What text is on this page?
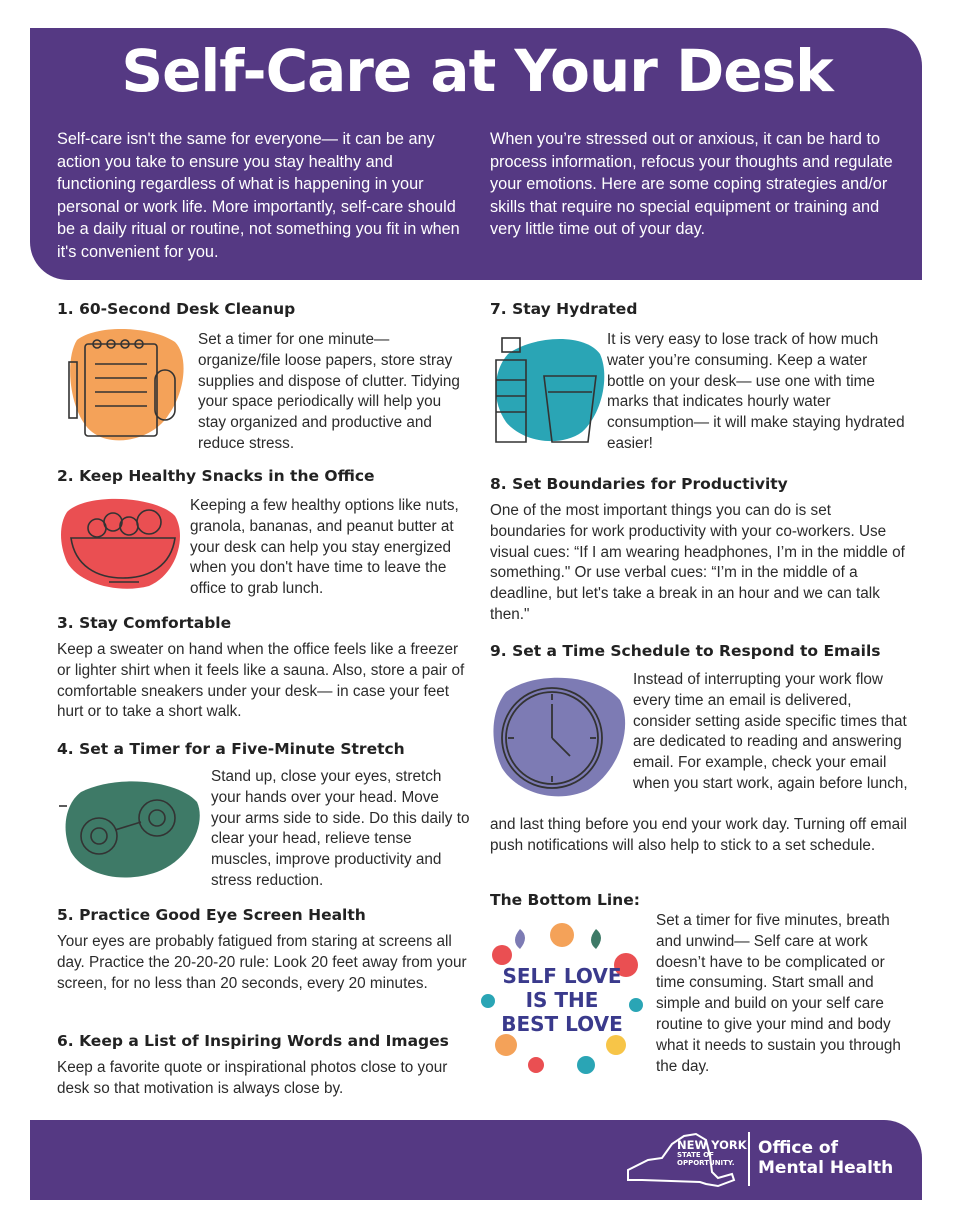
Self-Care at Your Desk

Self-care isn't the same for everyone— it can be any action you take to ensure you stay healthy and functioning regardless of what is happening in your personal or work life. More importantly, self-care should be a daily ritual or routine, not something you fit in when it's convenient for you.

When you’re stressed out or anxious, it can be hard to process information, refocus your thoughts and regulate your emotions. Here are some coping strategies and/or skills that require no special equipment or training and very little time out of your day.

1. 60-Second Desk Cleanup

Set a timer for one minute— organize/file loose papers, store stray supplies and dispose of clutter. Tidying your space periodically will help you stay organized and productive and reduce stress.

2. Keep Healthy Snacks in the Office

Keeping a few healthy options like nuts, granola, bananas, and peanut butter at your desk can help you stay energized when you don't have time to leave the office to grab lunch.

3. Stay Comfortable

Keep a sweater on hand when the office feels like a freezer or lighter shirt when it feels like a sauna. Also, store a pair of comfortable sneakers under your desk— in case your feet hurt or to take a short walk.

4. Set a Timer for a Five-Minute Stretch

Stand up, close your eyes, stretch your hands over your head. Move your arms side to side. Do this daily to clear your head, relieve tense muscles, improve productivity and stress reduction.

5. Practice Good Eye Screen Health

Your eyes are probably fatigued from staring at screens all day. Practice the 20-20-20 rule: Look 20 feet away from your screen, for no less than 20 seconds, every 20 minutes.

6. Keep a List of Inspiring Words and Images

Keep a favorite quote or inspirational photos close to your desk so that motivation is always close by.

7. Stay Hydrated

It is very easy to lose track of how much water you’re consuming. Keep a water bottle on your desk— use one with time marks that indicates hourly water consumption— it will make staying hydrated easier!

8. Set Boundaries for Productivity

One of the most important things you can do is set boundaries for work productivity with your co-workers. Use visual cues: “If I am wearing headphones, I’m in the middle of something." Or use verbal cues: “I’m in the middle of a deadline, but let's take a break in an hour and we can talk then."

9. Set a Time Schedule to Respond to Emails

Instead of interrupting your work flow every time an email is delivered, consider setting aside specific times that are dedicated to reading and answering email. For example, check your email when you start work, again before lunch,

and last thing before you end your work day. Turning off email push notifications will also help to stick to a set schedule.

The Bottom Line:
SELF LOVE
IS THE
BEST LOVE

Set a timer for five minutes, breath and unwind— Self care at work doesn’t have to be complicated or time consuming. Start small and simple and build on your self care routine to give your mind and body what it needs to sustain you through the day.

NEW YORK
STATE OF
OPPORTUNITY.
Office of
Mental Health
